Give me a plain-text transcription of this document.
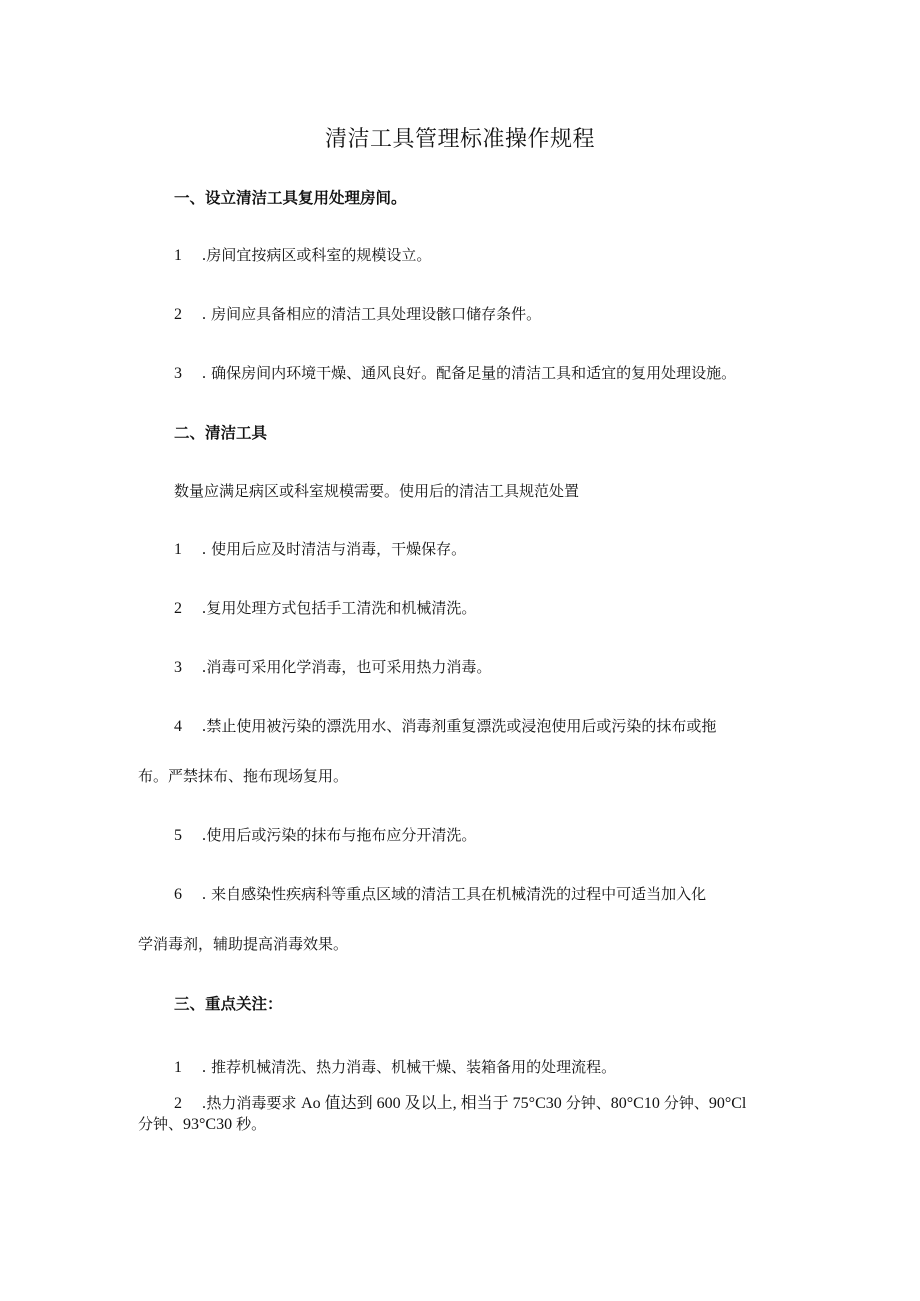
清洁工具管理标准操作规程
一、设立清洁工具复用处理房间。
1 .房间宜按病区或科室的规模设立。
2 . 房间应具备相应的清洁工具处理设骸口储存条件。
3 . 确保房间内环境干燥、通风良好。配备足量的清洁工具和适宜的复用处理设施。
二、清洁工具
数量应满足病区或科室规模需要。使用后的清洁工具规范处置
1 . 使用后应及时清洁与消毒，干燥保存。
2 .复用处理方式包括手工清洗和机械清洗。
3 .消毒可采用化学消毒，也可采用热力消毒。
4 .禁止使用被污染的漂洗用水、消毒剂重复漂洗或浸泡使用后或污染的抹布或拖
布。严禁抹布、拖布现场复用。
5 .使用后或污染的抹布与拖布应分开清洗。
6 . 来自感染性疾病科等重点区域的清洁工具在机械清洗的过程中可适当加入化
学消毒剂，辅助提高消毒效果。
三、重点关注：
1 . 推荐机械清洗、热力消毒、机械干燥、装箱备用的处理流程。
2 .热力消毒要求 Ao 值达到 600 及以上, 相当于 75°C30 分钟、80°C10 分钟、90°Cl
分钟、93°C30 秒。
